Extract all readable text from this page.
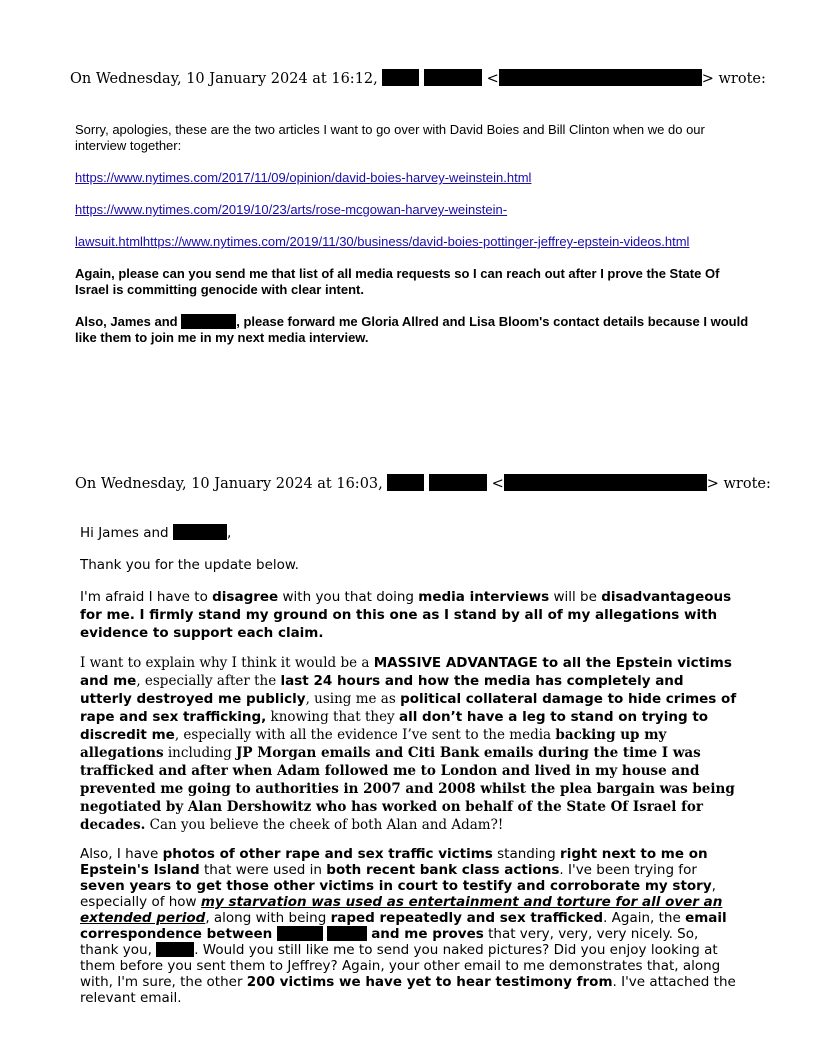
On Wednesday, 10 January 2024 at 16:12,	<	> wrote:
Sorry, apologies, these are the two articles I want to go over with David Boies and Bill Clinton when we do our interview together:
https://www.nytimes.com/2017/11/09/opinion/david-boies-harvey-weinstein.html
https://www.nytimes.com/2019/10/23/arts/rose-mcgowan-harvey-weinstein-
lawsuit.htmlhttps://www.nytimes.com/2019/11/30/business/david-boies-pottinger-jeffrey-epstein-videos.html
Again, please can you send me that list of all media requests so I can reach out after I prove the State Of Israel is committing genocide with clear intent.
Also, James and	, please forward me Gloria Allred and Lisa Bloom's contact details because I would like them to join me in my next media interview.
On Wednesday, 10 January 2024 at 16:03,	<	> wrote:
Hi James and	,
Thank you for the update below.
I'm afraid I have to disagree with you that doing media interviews will be disadvantageous for me. I firmly stand my ground on this one as I stand by all of my allegations with evidence to support each claim.
I want to explain why I think it would be a MASSIVE ADVANTAGE to all the Epstein victims and me, especially after the last 24 hours and how the media has completely and utterly destroyed me publicly, using me as political collateral damage to hide crimes of rape and sex trafficking, knowing that they all don’t have a leg to stand on trying to discredit me, especially with all the evidence I’ve sent to the media backing up my allegations including JP Morgan emails and Citi Bank emails during the time I was trafficked and after when Adam followed me to London and lived in my house and prevented me going to authorities in 2007 and 2008 whilst the plea bargain was being negotiated by Alan Dershowitz who has worked on behalf of the State Of Israel for decades. Can you believe the cheek of both Alan and Adam?!
Also, I have photos of other rape and sex traffic victims standing right next to me on Epstein's Island that were used in both recent bank class actions. I've been trying for seven years to get those other victims in court to testify and corroborate my story, especially of how my starvation was used as entertainment and torture for all over an extended period, along with being raped repeatedly and sex trafficked. Again, the email correspondence between	and me proves that very, very, very nicely. So, thank you,	. Would you still like me to send you naked pictures? Did you enjoy looking at them before you sent them to Jeffrey? Again, your other email to me demonstrates that, along with, I'm sure, the other 200 victims we have yet to hear testimony from. I've attached the relevant email.
